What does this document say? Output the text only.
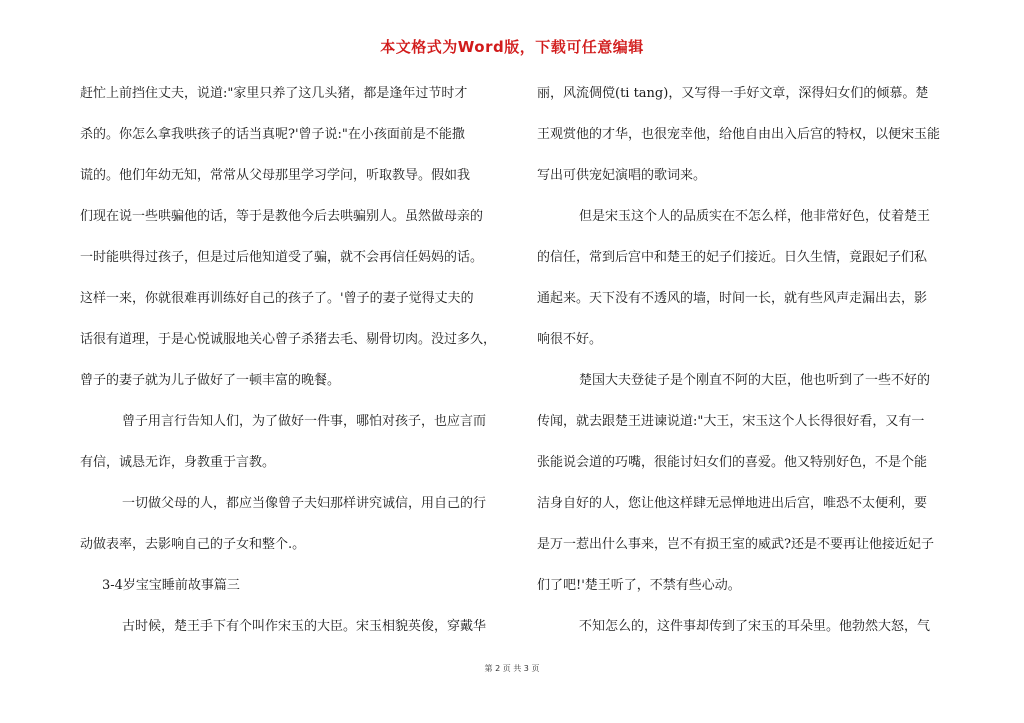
本文格式为Word版，下载可任意编辑
赶忙上前挡住丈夫，说道:"家里只养了这几头猪，都是逢年过节时才
杀的。你怎么拿我哄孩子的话当真呢?'曾子说:"在小孩面前是不能撒
谎的。他们年幼无知，常常从父母那里学习学问，听取教导。假如我
们现在说一些哄骗他的话，等于是教他今后去哄骗别人。虽然做母亲的
一时能哄得过孩子，但是过后他知道受了骗，就不会再信任妈妈的话。
这样一来，你就很难再训练好自己的孩子了。'曾子的妻子觉得丈夫的
话很有道理，于是心悦诚服地关心曾子杀猪去毛、剔骨切肉。没过多久，
曾子的妻子就为儿子做好了一顿丰富的晚餐。
曾子用言行告知人们，为了做好一件事，哪怕对孩子，也应言而
有信，诚恳无诈，身教重于言教。
一切做父母的人，都应当像曾子夫妇那样讲究诚信，用自己的行
动做表率，去影响自己的子女和整个.。
3-4岁宝宝睡前故事篇三
古时候，楚王手下有个叫作宋玉的大臣。宋玉相貌英俊，穿戴华
丽，风流倜傥(ti tang)，又写得一手好文章，深得妇女们的倾慕。楚
王观赏他的才华，也很宠幸他，给他自由出入后宫的特权，以便宋玉能
写出可供宠妃演唱的歌词来。
但是宋玉这个人的品质实在不怎么样，他非常好色，仗着楚王
的信任，常到后宫中和楚王的妃子们接近。日久生情，竟跟妃子们私
通起来。天下没有不透风的墙，时间一长，就有些风声走漏出去，影
响很不好。
楚国大夫登徒子是个刚直不阿的大臣，他也听到了一些不好的
传闻，就去跟楚王进谏说道:"大王，宋玉这个人长得很好看，又有一
张能说会道的巧嘴，很能讨妇女们的喜爱。他又特别好色，不是个能
洁身自好的人，您让他这样肆无忌惮地进出后宫，唯恐不太便利，要
是万一惹出什么事来，岂不有损王室的威武?还是不要再让他接近妃子
们了吧!'楚王听了，不禁有些心动。
不知怎么的，这件事却传到了宋玉的耳朵里。他勃然大怒，气
第 2 页 共 3 页
